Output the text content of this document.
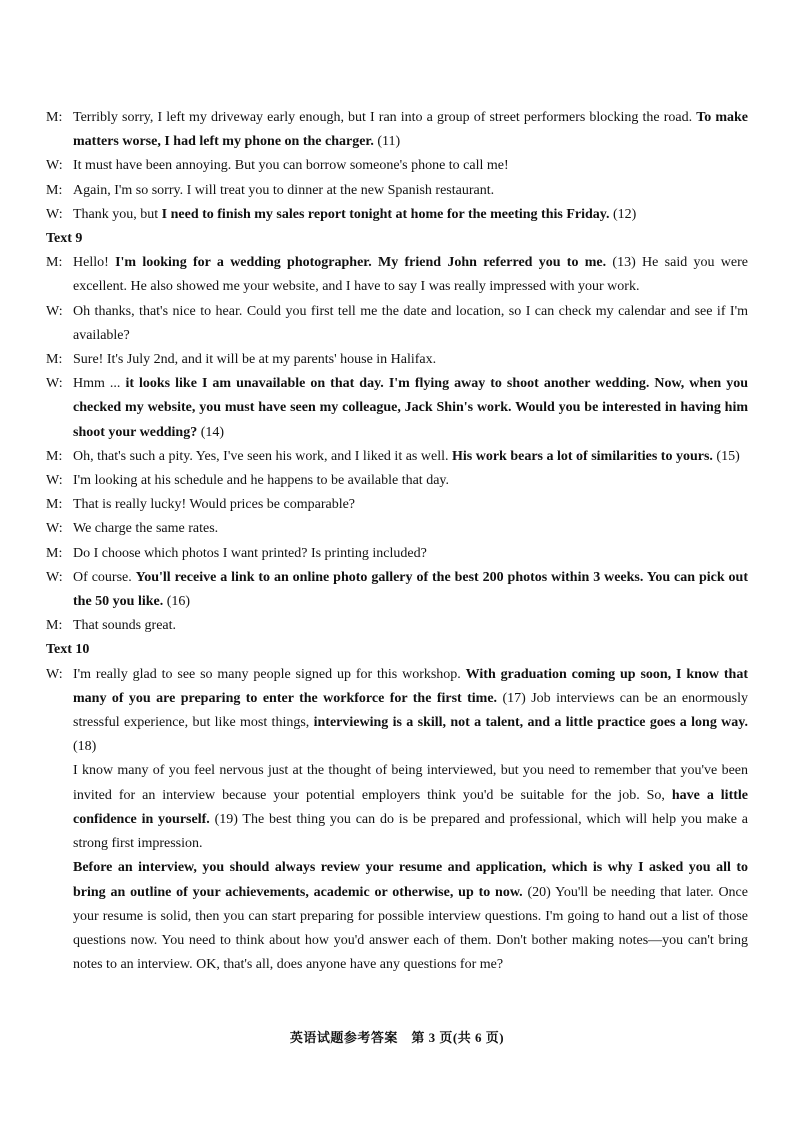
M: Terribly sorry, I left my driveway early enough, but I ran into a group of street performers blocking the road. To make matters worse, I had left my phone on the charger. (11)
W: It must have been annoying. But you can borrow someone's phone to call me!
M: Again, I'm so sorry. I will treat you to dinner at the new Spanish restaurant.
W: Thank you, but I need to finish my sales report tonight at home for the meeting this Friday. (12)
Text 9
M: Hello! I'm looking for a wedding photographer. My friend John referred you to me. (13) He said you were excellent. He also showed me your website, and I have to say I was really impressed with your work.
W: Oh thanks, that's nice to hear. Could you first tell me the date and location, so I can check my calendar and see if I'm available?
M: Sure! It's July 2nd, and it will be at my parents' house in Halifax.
W: Hmm ... it looks like I am unavailable on that day. I'm flying away to shoot another wedding. Now, when you checked my website, you must have seen my colleague, Jack Shin's work. Would you be interested in having him shoot your wedding? (14)
M: Oh, that's such a pity. Yes, I've seen his work, and I liked it as well. His work bears a lot of similarities to yours. (15)
W: I'm looking at his schedule and he happens to be available that day.
M: That is really lucky! Would prices be comparable?
W: We charge the same rates.
M: Do I choose which photos I want printed? Is printing included?
W: Of course. You'll receive a link to an online photo gallery of the best 200 photos within 3 weeks. You can pick out the 50 you like. (16)
M: That sounds great.
Text 10
W: I'm really glad to see so many people signed up for this workshop. With graduation coming up soon, I know that many of you are preparing to enter the workforce for the first time. (17) Job interviews can be an enormously stressful experience, but like most things, interviewing is a skill, not a talent, and a little practice goes a long way. (18)
I know many of you feel nervous just at the thought of being interviewed, but you need to remember that you've been invited for an interview because your potential employers think you'd be suitable for the job. So, have a little confidence in yourself. (19) The best thing you can do is be prepared and professional, which will help you make a strong first impression.
Before an interview, you should always review your resume and application, which is why I asked you all to bring an outline of your achievements, academic or otherwise, up to now. (20) You'll be needing that later. Once your resume is solid, then you can start preparing for possible interview questions. I'm going to hand out a list of those questions now. You need to think about how you'd answer each of them. Don't bother making notes—you can't bring notes to an interview. OK, that's all, does anyone have any questions for me?
英语试题参考答案　第 3 页(共 6 页)
